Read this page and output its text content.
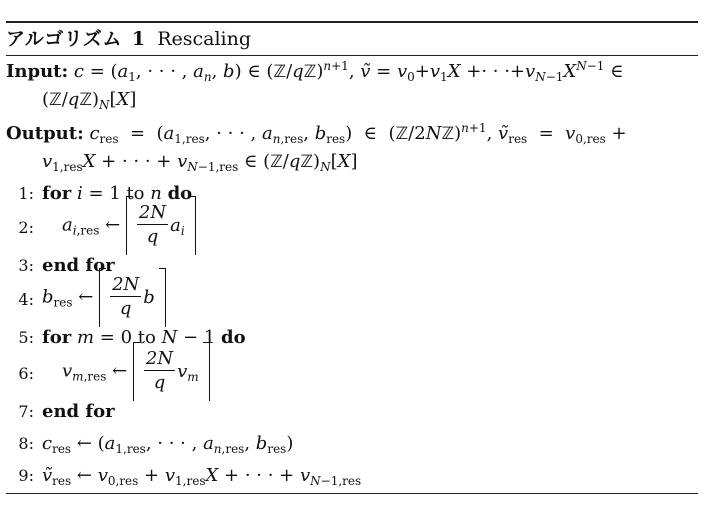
アルゴリズム 1 Rescaling
Input: $c = (a_1$, · · · , $a_n$, b) ∈ (ℤ/qℤ)$^{n+1}$, ṽ = $v_0+v_1X$ +· · $\cdot+v_{N-1}X^{N-1}$ ∈
$(ℤ/qℤ)_N[X]$
Output: $c_{res} = (a_{1,res}$, · · · , $a_{n,res}$, $b_{res}$)  ∈  (ℤ/2Nℤ)$^{n+1}$, ṽ$_{res}$  =  $v_{0,res}$ +
$v_{1,res}X$ + · · · + $v_{N-1,res}$ ∈ $(ℤ/qℤ)_N[X]$
1: for i = 1 to n do
2: $a_{i,res}$ ← $\frac{2N}{q} a_i$
3: end for
4: $b_{res}$ ← $\frac{2N}{q}$ b
5: for m = 0 to N − 1 do
6: $v_{m,res}$ ← $\frac{2N}{q} v_m$
7: end for
8: $c_{res}$ ← ($a_{1,res}$, · · · , $a_{n,res}$, $b_{res}$)
9: ṽ$_{res}$ ← $v_{0,res} + v_{1,res}X$ + · · · + $v_{N-1,res}$
